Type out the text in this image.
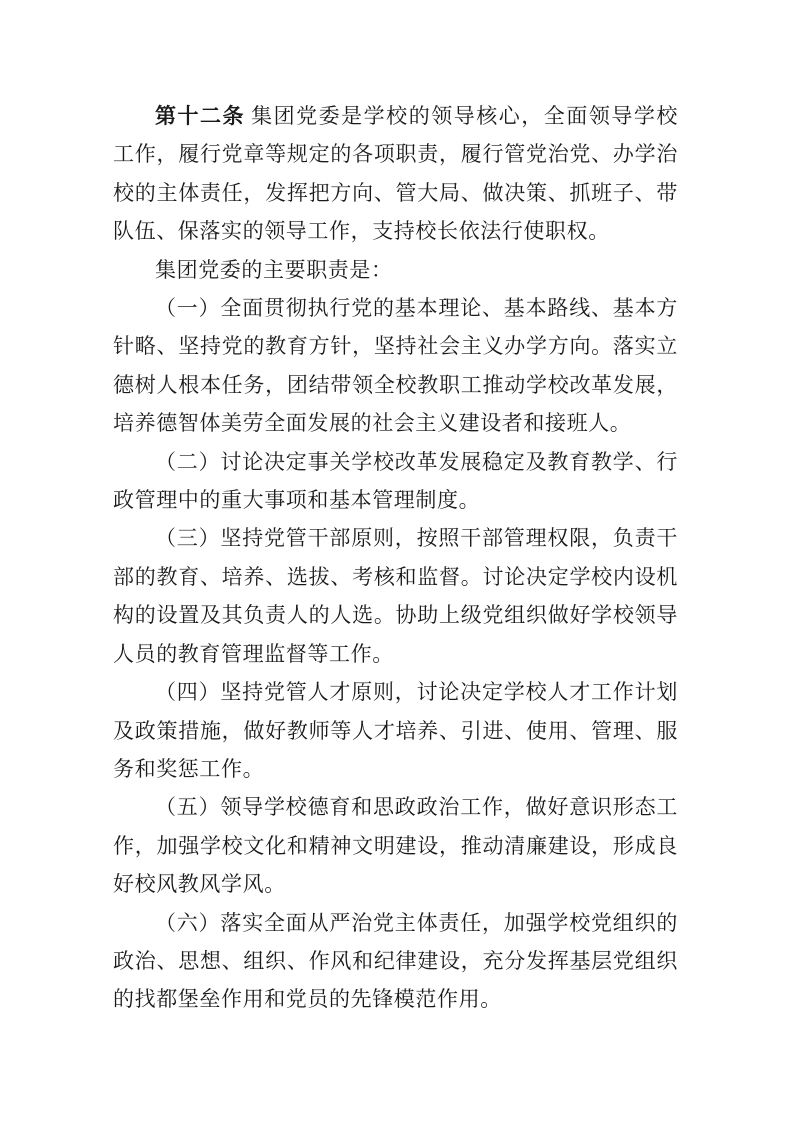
第十二条 集团党委是学校的领导核心，全面领导学校工作，履行党章等规定的各项职责，履行管党治党、办学治校的主体责任，发挥把方向、管大局、做决策、抓班子、带队伍、保落实的领导工作，支持校长依法行使职权。

集团党委的主要职责是：

（一）全面贯彻执行党的基本理论、基本路线、基本方针略、坚持党的教育方针，坚持社会主义办学方向。落实立德树人根本任务，团结带领全校教职工推动学校改革发展，培养德智体美劳全面发展的社会主义建设者和接班人。

（二）讨论决定事关学校改革发展稳定及教育教学、行政管理中的重大事项和基本管理制度。

（三）坚持党管干部原则，按照干部管理权限，负责干部的教育、培养、选拔、考核和监督。讨论决定学校内设机构的设置及其负责人的人选。协助上级党组织做好学校领导人员的教育管理监督等工作。

（四）坚持党管人才原则，讨论决定学校人才工作计划及政策措施，做好教师等人才培养、引进、使用、管理、服务和奖惩工作。

（五）领导学校德育和思政政治工作，做好意识形态工作，加强学校文化和精神文明建设，推动清廉建设，形成良好校风教风学风。

（六）落实全面从严治党主体责任，加强学校党组织的政治、思想、组织、作风和纪律建设，充分发挥基层党组织的找都堡垒作用和党员的先锋模范作用。
